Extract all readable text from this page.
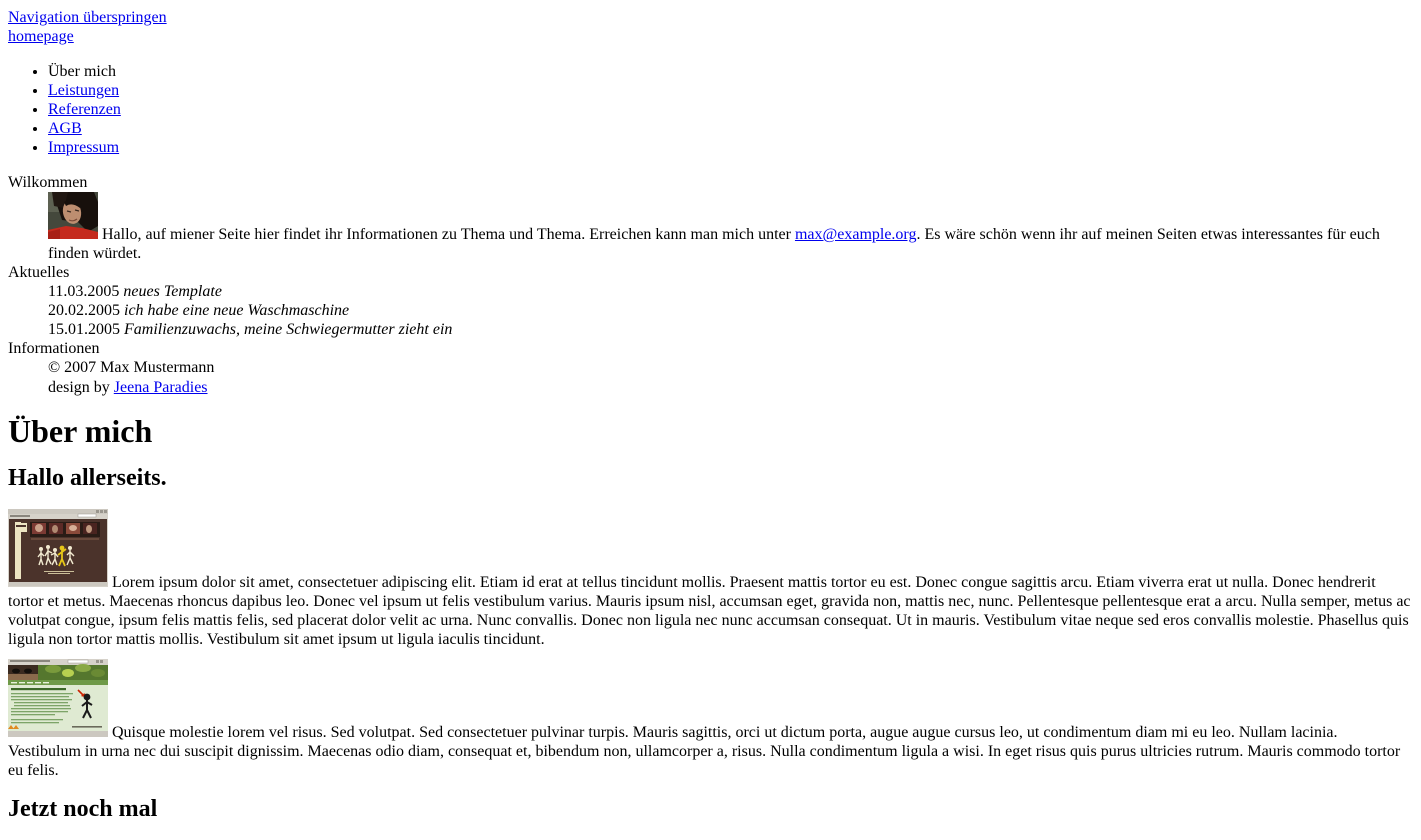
Navigation überspringen
homepage
• Über mich
• Leistungen
• Referenzen
• AGB
• Impressum
Wilkommen
Hallo, auf miener Seite hier findet ihr Informationen zu Thema und Thema. Erreichen kann man mich unter max@example.org. Es wäre schön wenn ihr auf meinen Seiten etwas interessantes für euch finden würdet.
Aktuelles
11.03.2005 neues Template
20.02.2005 ich habe eine neue Waschmaschine
15.01.2005 Familienzuwachs, meine Schwiegermutter zieht ein
Informationen
© 2007 Max Mustermann
design by Jeena Paradies
Über mich
Hallo allerseits.

Lorem ipsum dolor sit amet, consectetuer adipiscing elit. Etiam id erat at tellus tincidunt mollis. Praesent mattis tortor eu est. Donec congue sagittis arcu. Etiam viverra erat ut nulla. Donec hendrerit tortor et metus. Maecenas rhoncus dapibus leo. Donec vel ipsum ut felis vestibulum varius. Mauris ipsum nisl, accumsan eget, gravida non, mattis nec, nunc. Pellentesque pellentesque erat a arcu. Nulla semper, metus ac volutpat congue, ipsum felis mattis felis, sed placerat dolor velit ac urna. Nunc convallis. Donec non ligula nec nunc accumsan consequat. Ut in mauris. Vestibulum vitae neque sed eros convallis molestie. Phasellus quis ligula non tortor mattis mollis. Vestibulum sit amet ipsum ut ligula iaculis tincidunt.

Quisque molestie lorem vel risus. Sed volutpat. Sed consectetuer pulvinar turpis. Mauris sagittis, orci ut dictum porta, augue augue cursus leo, ut condimentum diam mi eu leo. Nullam lacinia. Vestibulum in urna nec dui suscipit dignissim. Maecenas odio diam, consequat et, bibendum non, ullamcorper a, risus. Nulla condimentum ligula a wisi. In eget risus quis purus ultricies rutrum. Mauris commodo tortor eu felis.

Jetzt noch mal
